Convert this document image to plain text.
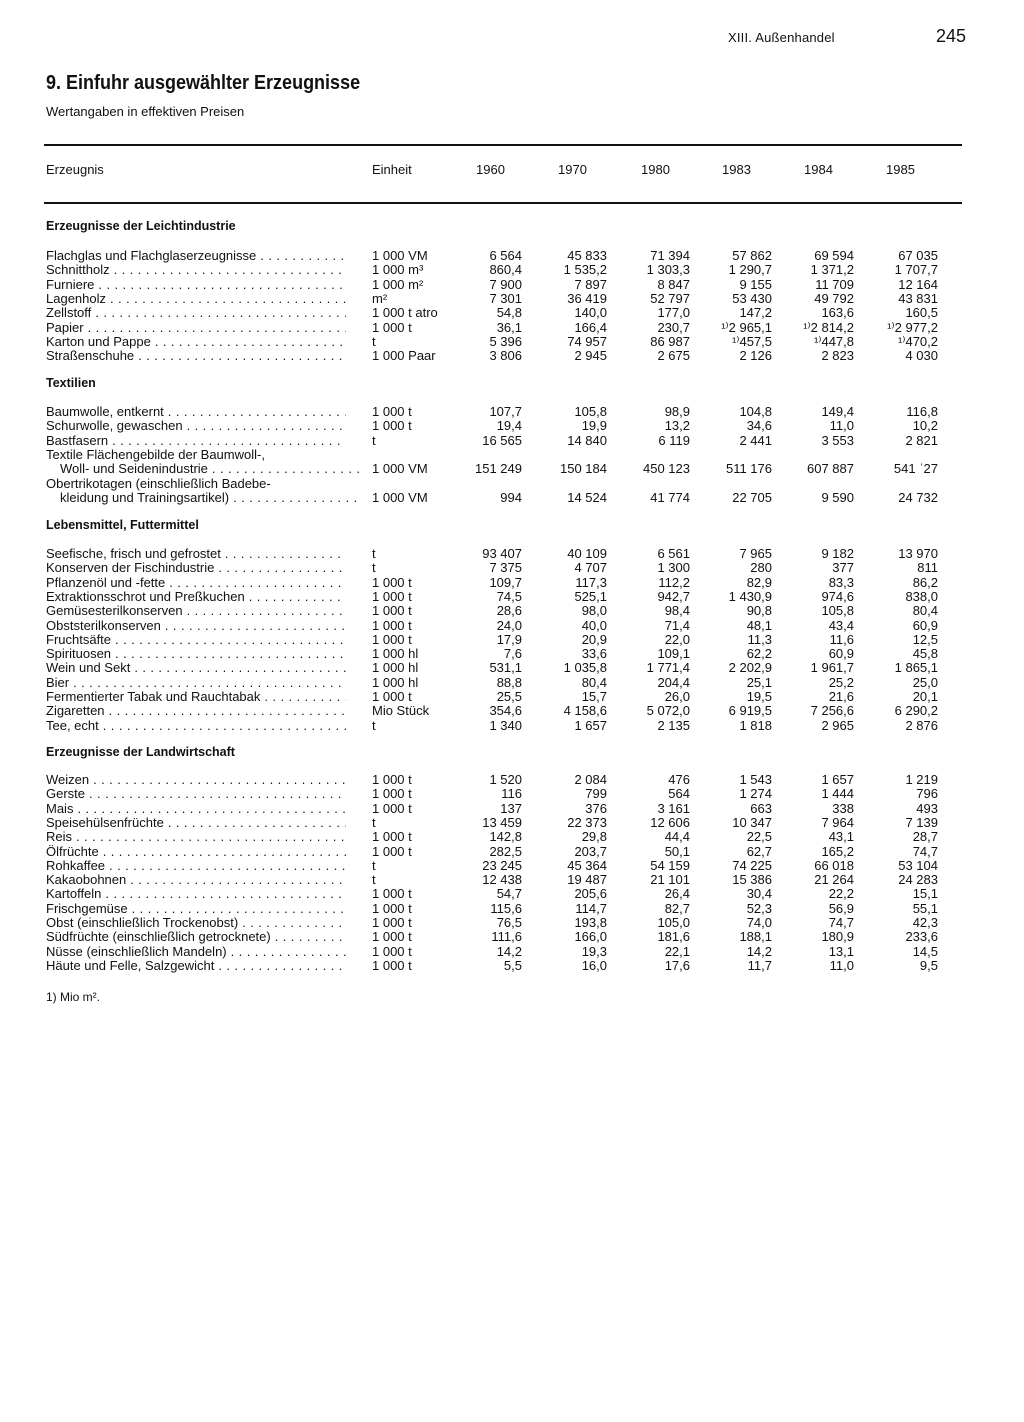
XIII. Außenhandel	245
9. Einfuhr ausgewählter Erzeugnisse
Wertangaben in effektiven Preisen
Erzeugnis	Einheit	1960	1970	1980	1983	1984	1985
Erzeugnisse der Leichtindustrie
Flachglas und Flachglaserzeugnisse . . .	1 000 VM	6 564	45 833	71 394	57 862	69 594	67 035
Schnittholz . . .	1 000 m³	860,4	1 535,2	1 303,3	1 290,7	1 371,2	1 707,7
Furniere . . .	1 000 m²	7 900	7 897	8 847	9 155	11 709	12 164
Lagenholz . . .	m²	7 301	36 419	52 797	53 430	49 792	43 831
Zellstoff . . .	1 000 t atro	54,8	140,0	177,0	147,2	163,6	160,5
Papier . . .	1 000 t	36,1	166,4	230,7	¹⁾2 965,1	¹⁾2 814,2	¹⁾2 977,2
Karton und Pappe . . .	t	5 396	74 957	86 987	¹⁾457,5	¹⁾447,8	¹⁾470,2
Straßenschuhe . . .	1 000 Paar	3 806	2 945	2 675	2 126	2 823	4 030
Textilien
Baumwolle, entkernt . . .	1 000 t	107,7	105,8	98,9	104,8	149,4	116,8
Schurwolle, gewaschen . . .	1 000 t	19,4	19,9	13,2	34,6	11,0	10,2
Bastfasern . . .	t	16 565	14 840	6 119	2 441	3 553	2 821
Textile Flächengebilde der Baumwoll-,
Woll- und Seidenindustrie . . .	1 000 VM	151 249	150 184	450 123	511 176	607 887	541 ˈ27
Obertrikotagen (einschließlich Badebe-
kleidung und Trainingsartikel) . . .	1 000 VM	994	14 524	41 774	22 705	9 590	24 732
Lebensmittel, Futtermittel
Seefische, frisch und gefrostet . . .	t	93 407	40 109	6 561	7 965	9 182	13 970
Konserven der Fischindustrie . . .	t	7 375	4 707	1 300	280	377	811
Pflanzenöl und -fette . . .	1 000 t	109,7	117,3	112,2	82,9	83,3	86,2
Extraktionsschrot und Preßkuchen . . .	1 000 t	74,5	525,1	942,7	1 430,9	974,6	838,0
Gemüsesterilkonserven . . .	1 000 t	28,6	98,0	98,4	90,8	105,8	80,4
Obststerilkonserven . . .	1 000 t	24,0	40,0	71,4	48,1	43,4	60,9
Fruchtsäfte . . .	1 000 t	17,9	20,9	22,0	11,3	11,6	12,5
Spirituosen . . .	1 000 hl	7,6	33,6	109,1	62,2	60,9	45,8
Wein und Sekt . . .	1 000 hl	531,1	1 035,8	1 771,4	2 202,9	1 961,7	1 865,1
Bier . . .	1 000 hl	88,8	80,4	204,4	25,1	25,2	25,0
Fermentierter Tabak und Rauchtabak . . .	1 000 t	25,5	15,7	26,0	19,5	21,6	20,1
Zigaretten . . .	Mio Stück	354,6	4 158,6	5 072,0	6 919,5	7 256,6	6 290,2
Tee, echt . . .	t	1 340	1 657	2 135	1 818	2 965	2 876
Erzeugnisse der Landwirtschaft
Weizen . . .	1 000 t	1 520	2 084	476	1 543	1 657	1 219
Gerste . . .	1 000 t	116	799	564	1 274	1 444	796
Mais . . .	1 000 t	137	376	3 161	663	338	493
Speisehülsenfrüchte . . .	t	13 459	22 373	12 606	10 347	7 964	7 139
Reis . . .	1 000 t	142,8	29,8	44,4	22,5	43,1	28,7
Ölfrüchte . . .	1 000 t	282,5	203,7	50,1	62,7	165,2	74,7
Rohkaffee . . .	t	23 245	45 364	54 159	74 225	66 018	53 104
Kakaobohnen . . .	t	12 438	19 487	21 101	15 386	21 264	24 283
Kartoffeln . . .	1 000 t	54,7	205,6	26,4	30,4	22,2	15,1
Frischgemüse . . .	1 000 t	115,6	114,7	82,7	52,3	56,9	55,1
Obst (einschließlich Trockenobst) . . .	1 000 t	76,5	193,8	105,0	74,0	74,7	42,3
Südfrüchte (einschließlich getrocknete) . . .	1 000 t	111,6	166,0	181,6	188,1	180,9	233,6
Nüsse (einschließlich Mandeln) . . .	1 000 t	14,2	19,3	22,1	14,2	13,1	14,5
Häute und Felle, Salzgewicht . . .	1 000 t	5,5	16,0	17,6	11,7	11,0	9,5
1) Mio m².
